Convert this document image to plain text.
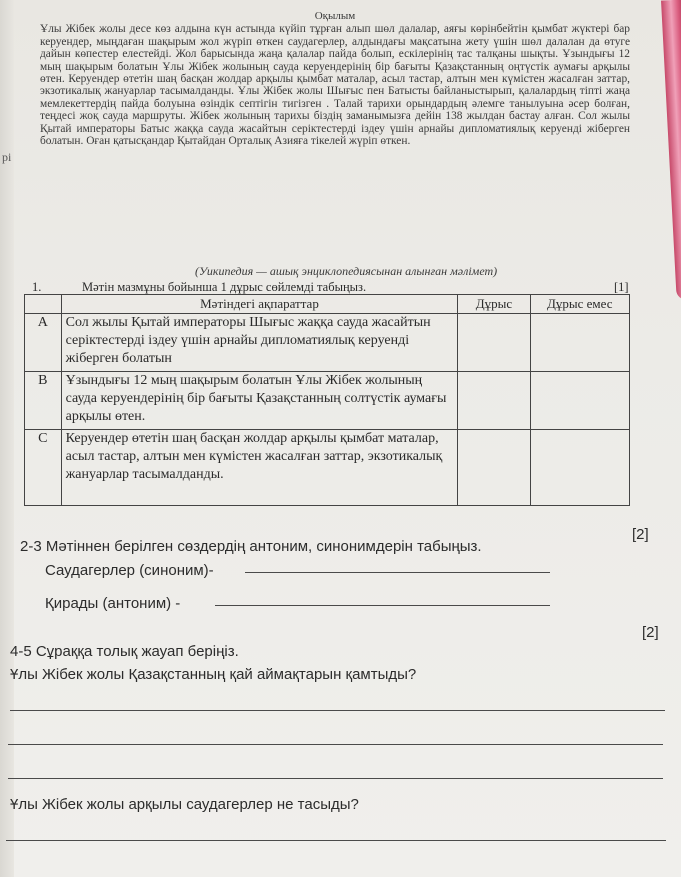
рі
Оқылым

Ұлы Жібек жолы десе көз алдына күн астында күйіп тұрған алып шөл далалар, аяғы көрінбейтін қымбат жүктері бар керуендер, мыңдаған шақырым жол жүріп өткен саудагерлер, алдындағы мақсатына жету үшін шөл далалан да өтуге дайын көпестер елестейді. Жол барысында жаңа қалалар пайда болып, ескілерінің тас талқаны шықты. Ұзындығы 12 мың шақырым болатын Ұлы Жібек жолының сауда керуендерінің бір бағыты Қазақстанның оңтүстік аумағы арқылы өтен. Керуендер өтетін шаң басқан жолдар арқылы қымбат маталар, асыл тастар, алтын мен күмістен жасалған заттар, экзотикалық жануарлар тасымалданды. Ұлы Жібек жолы Шығыс пен Батысты байланыстырып, қалалардың тіпті жаңа мемлекеттердің пайда болуына өзіндік септігін тигізген . Талай тарихи орындардың әлемге танылуына әсер болған, теңдесі жоқ сауда маршруты. Жібек жолының тарихы біздің заманымызға дейін 138 жылдан бастау алған. Сол жылы Қытай императоры Батыс жаққа сауда жасайтын серіктестерді іздеу үшін арнайы дипломатиялық керуенді жіберген болатын. Оған қатысқандар Қытайдан Орталық Азияға тікелей жүріп өткен.

(Уикипедия — ашық энциклопедиясынан алынған мәлімет)
1.	Мәтін мазмұны бойынша 1 дұрыс сөйлемді табыңыз.	[1]
	Мәтіндегі ақпараттар	Дұрыс	Дұрыс емес
A	Сол жылы Қытай императоры Шығыс жаққа сауда жасайтын серіктестерді іздеу үшін арнайы дипломатиялық керуенді жіберген болатын		
B	Ұзындығы 12 мың шақырым болатын Ұлы Жібек жолының сауда керуендерінің бір бағыты Қазақстанның солтүстік аумағы арқылы өтен.		
C	Керуендер өтетін шаң басқан жолдар арқылы қымбат маталар, асыл тастар, алтын мен күмістен жасалған заттар, экзотикалық жануарлар тасымалданды.		
2-3 Мәтіннен берілген сөздердің антоним, синонимдерін табыңыз.
[2]
Саудагерлер (синоним)-
Қирады (антоним) -
4-5 Сұраққа толық жауап беріңіз.
[2]
Ұлы Жібек жолы Қазақстанның қай аймақтарын қамтыды?
Ұлы Жібек жолы арқылы саудагерлер не тасыды?
